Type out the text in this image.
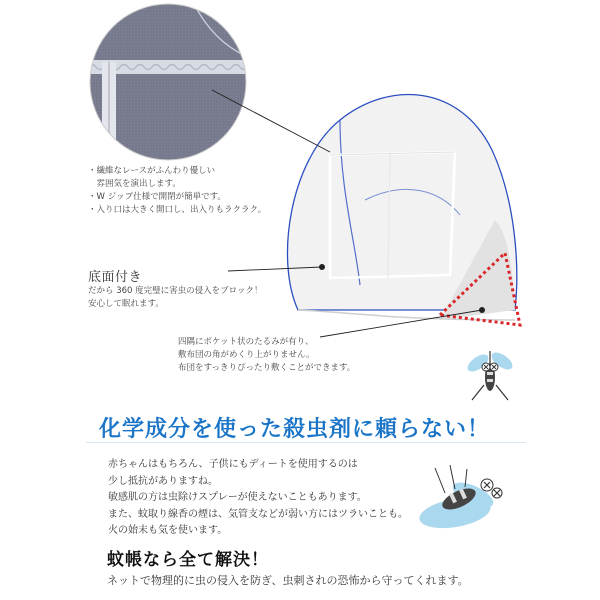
・繊維なレースがふんわり優しい
　雰囲気を演出します。
・W ジップ仕様で開閉が簡単です。
・入り口は大きく開口し、出入りもラクラク。
底面付き
だから 360 度完璧に害虫の侵入をブロック！
安心して眠れます。
四隅にポケット状のたるみが有り、
敷布団の角がめくり上がりません。
布団をすっきりぴったり敷くことができます。
化学成分を使った殺虫剤に頼らない！
赤ちゃんはもちろん、子供にもディートを使用するのは
少し抵抗がありますね。
敏感肌の方は虫除けスプレーが使えないこともあります。
また、蚊取り線香の煙は、気管支などが弱い方にはツラいことも。
火の始末も気を使います。
蚊帳なら全て解決！
ネットで物理的に虫の侵入を防ぎ、虫刺されの恐怖から守ってくれます。
